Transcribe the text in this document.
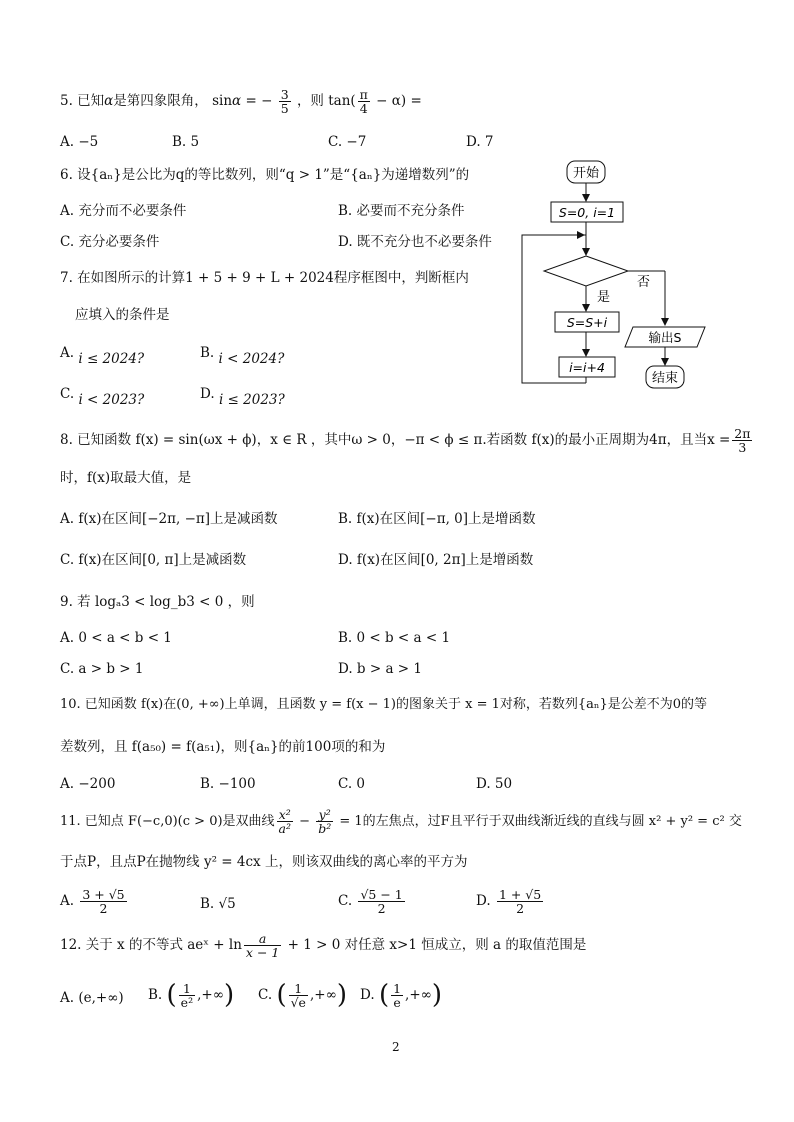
5. 已知α是第四象限角， sinα = − $\frac{3}{5}$ ，则 $\tan( \frac{\pi}{4} - \alpha)$ =
A. −5	B. 5	C. −7	D. 7
6. 设{aₙ}是公比为q的等比数列，则“q > 1”是“{aₙ}为递增数列”的
A. 充分而不必要条件	B. 必要而不充分条件
C. 充分必要条件	D. 既不充分也不必要条件
7. 在如图所示的计算1 + 5 + 9 + L + 2024程序框图中，判断框内
应填入的条件是
A. i ≤ 2024?	B. i < 2024?
C. i < 2023?	D. i ≤ 2023?
开始
S=0, i=1
否
是
S=S+i
i=i+4
输出S
结束
8. 已知函数 f(x) = sin(ωx + ϕ)，x ∈ R ，其中ω > 0，−π < ϕ ≤ π.若函数 f(x)的最小正周期为4π，且当$x = \frac{2\pi}{3}$
时，f(x)取最大值，是
A. f(x)在区间[−2π, −π]上是减函数	B. f(x)在区间[−π, 0]上是增函数
C. f(x)在区间[0, π]上是减函数	D. f(x)在区间[0, 2π]上是增函数
9. 若 logₐ3 < log_b3 < 0 ，则
A. 0 < a < b < 1	B. 0 < b < a < 1
C. a > b > 1	D. b > a > 1
10. 已知函数 f(x)在(0, +∞)上单调，且函数 y = f(x − 1)的图象关于 x = 1对称，若数列{aₙ}是公差不为0的等
差数列，且 f(a₅₀) = f(a₅₁)，则{aₙ}的前100项的和为
A. −200	B. −100	C. 0	D. 50
11. 已知点 F(−c,0)(c > 0)是双曲线 $\frac{\text{x²}}{\text{a²}} - \frac{\text{y²}}{\text{b²}} = 1$的左焦点，过F且平行于双曲线渐近线的直线与圆 x² + y² = c² 交
于点P，且点P在抛物线 y² = 4cx 上，则该双曲线的离心率的平方为
A. $\frac{3 + √5}{2}$	B. √5	C. $\frac{√5 - 1}{2}$	D. $\frac{1 + √5}{2}$
12. 关于 x 的不等式 aeˣ + $\ln \frac{a}{x - 1} + 1 > 0$ 对任意 x>1 恒成立，则 a 的取值范围是
A. (e,+∞) B. ( $\frac{1}{\text{e²}}$ ,+∞) C. ( $\frac{1}{√e}$ ,+∞) D. ( $\frac{1}{e}$ ,+∞)
2
